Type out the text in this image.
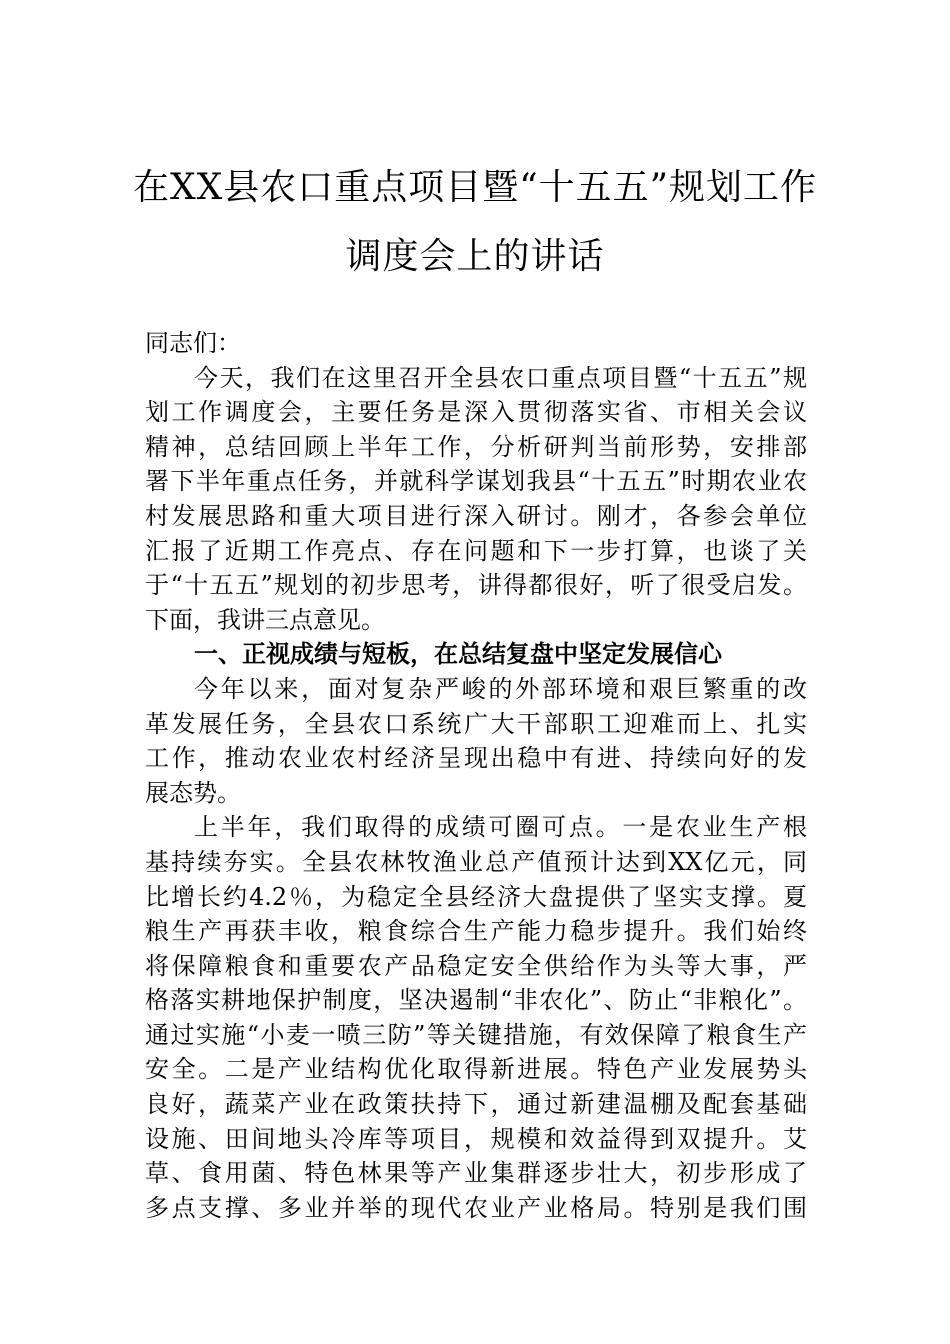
在XX县农口重点项目暨“十五五”规划工作
调度会上的讲话
同志们：
今天，我们在这里召开全县农口重点项目暨“十五五”规
划工作调度会，主要任务是深入贯彻落实省、市相关会议
精神，总结回顾上半年工作，分析研判当前形势，安排部
署下半年重点任务，并就科学谋划我县“十五五”时期农业农
村发展思路和重大项目进行深入研讨。刚才，各参会单位
汇报了近期工作亮点、存在问题和下一步打算，也谈了关
于“十五五”规划的初步思考，讲得都很好，听了很受启发。
下面，我讲三点意见。
一、正视成绩与短板，在总结复盘中坚定发展信心
今年以来，面对复杂严峻的外部环境和艰巨繁重的改
革发展任务，全县农口系统广大干部职工迎难而上、扎实
工作，推动农业农村经济呈现出稳中有进、持续向好的发
展态势。
上半年，我们取得的成绩可圈可点。一是农业生产根
基持续夯实。全县农林牧渔业总产值预计达到XX亿元，同
比增长约4.2％，为稳定全县经济大盘提供了坚实支撑。夏
粮生产再获丰收，粮食综合生产能力稳步提升。我们始终
将保障粮食和重要农产品稳定安全供给作为头等大事，严
格落实耕地保护制度，坚决遏制“非农化”、防止“非粮化”。
通过实施“小麦一喷三防”等关键措施，有效保障了粮食生产
安全。二是产业结构优化取得新进展。特色产业发展势头
良好，蔬菜产业在政策扶持下，通过新建温棚及配套基础
设施、田间地头冷库等项目，规模和效益得到双提升。艾
草、食用菌、特色林果等产业集群逐步壮大，初步形成了
多点支撑、多业并举的现代农业产业格局。特别是我们围
